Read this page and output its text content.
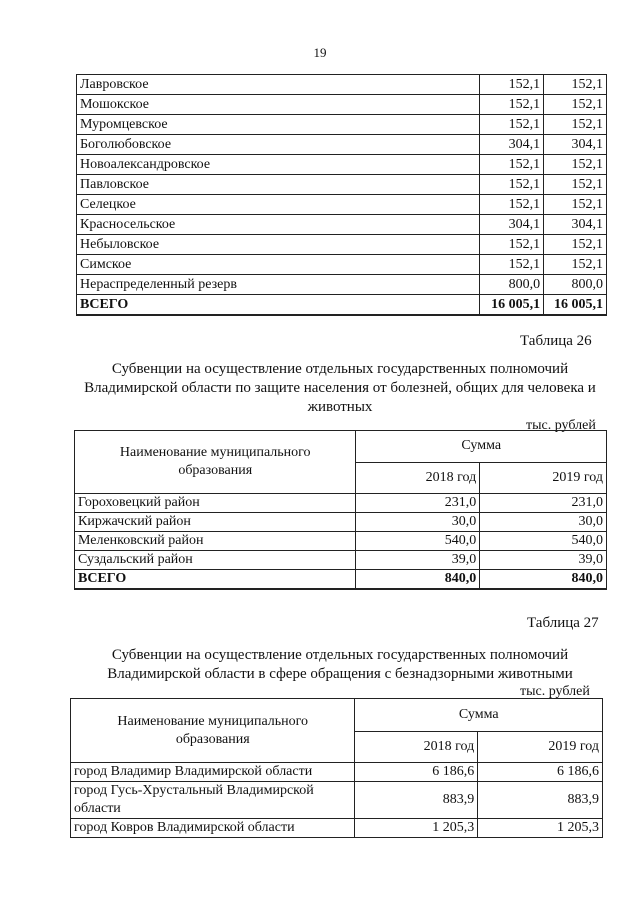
19
Лавровское	152,1	152,1
Мошокское	152,1	152,1
Муромцевское	152,1	152,1
Боголюбовское	304,1	304,1
Новоалександровское	152,1	152,1
Павловское	152,1	152,1
Селецкое	152,1	152,1
Красносельское	304,1	304,1
Небыловское	152,1	152,1
Симское	152,1	152,1
Нераспределенный резерв	800,0	800,0
ВСЕГО	16 005,1	16 005,1
Таблица 26
Субвенции на осуществление отдельных государственных полномочий
Владимирской области по защите населения от болезней, общих для человека и
животных
тыс. рублей
Наименование муниципального
образования	Сумма	
	2018 год	2019 год
Гороховецкий район	231,0	231,0
Киржачский район	30,0	30,0
Меленковский район	540,0	540,0
Суздальский район	39,0	39,0
ВСЕГО	840,0	840,0
Таблица 27
Субвенции на осуществление отдельных государственных полномочий
Владимирской области в сфере обращения с безнадзорными животными
тыс. рублей
Наименование муниципального
образования	Сумма	
	2018 год	2019 год
город Владимир Владимирской области	6 186,6	6 186,6

город Гусь-Хрустальный Владимирской
области	883,9	883,9
город Ковров Владимирской области	1 205,3	1 205,3
